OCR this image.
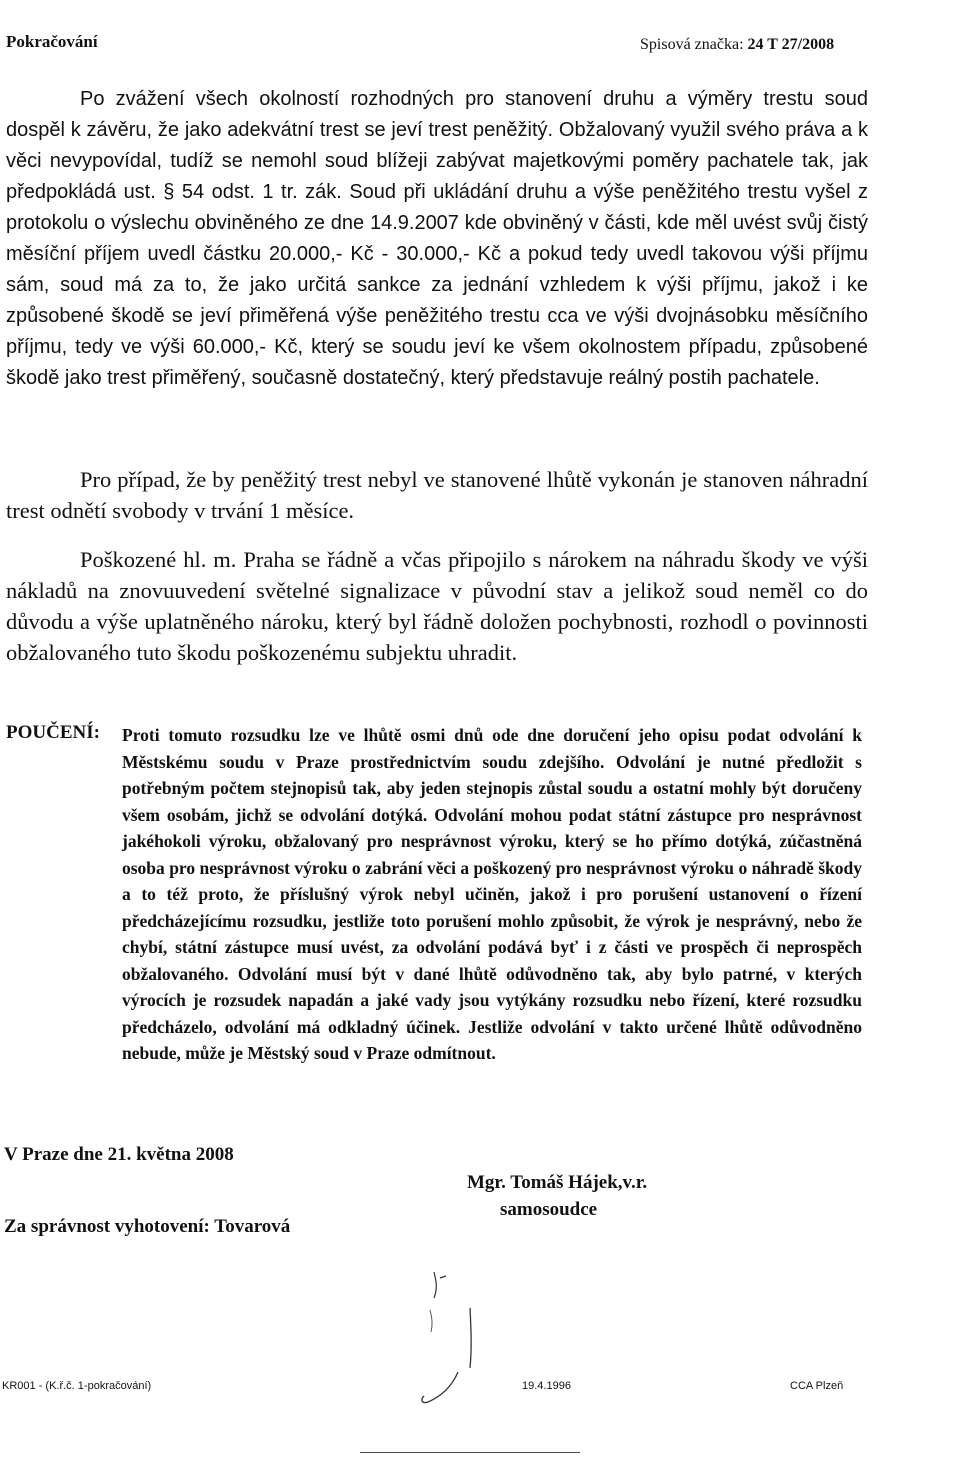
Pokračování	Spisová značka: 24 T 27/2008

Po zvážení všech okolností rozhodných pro stanovení druhu a výměry trestu soud dospěl k závěru, že jako adekvátní trest se jeví trest peněžitý. Obžalovaný využil svého práva a k věci nevypovídal, tudíž se nemohl soud blížeji zabývat majetkovými poměry pachatele tak, jak předpokládá ust. § 54 odst. 1 tr. zák. Soud při ukládání druhu a výše peněžitého trestu vyšel z protokolu o výslechu obviněného ze dne 14.9.2007 kde obviněný v části, kde měl uvést svůj čistý měsíční příjem uvedl částku 20.000,- Kč - 30.000,- Kč a pokud tedy uvedl takovou výši příjmu sám, soud má za to, že jako určitá sankce za jednání vzhledem k výši příjmu, jakož i ke způsobené škodě se jeví přiměřená výše peněžitého trestu cca ve výši dvojnásobku měsíčního příjmu, tedy ve výši 60.000,- Kč, který se soudu jeví ke všem okolnostem případu, způsobené škodě jako trest přiměřený, současně dostatečný, který představuje reálný postih pachatele.

Pro případ, že by peněžitý trest nebyl ve stanovené lhůtě vykonán je stanoven náhradní trest odnětí svobody v trvání 1 měsíce.

Poškozené hl. m. Praha se řádně a včas připojilo s nárokem na náhradu škody ve výši nákladů na znovuuvedení světelné signalizace v původní stav a jelikož soud neměl co do důvodu a výše uplatněného nároku, který byl řádně doložen pochybnosti, rozhodl o povinnosti obžalovaného tuto škodu poškozenému subjektu uhradit.

POUČENÍ: Proti tomuto rozsudku lze ve lhůtě osmi dnů ode dne doručení jeho opisu podat odvolání k Městskému soudu v Praze prostřednictvím soudu zdejšího. Odvolání je nutné předložit s potřebným počtem stejnopisů tak, aby jeden stejnopis zůstal soudu a ostatní mohly být doručeny všem osobám, jichž se odvolání dotýká. Odvolání mohou podat státní zástupce pro nesprávnost jakéhokoli výroku, obžalovaný pro nesprávnost výroku, který se ho přímo dotýká, zúčastněná osoba pro nesprávnost výroku o zabrání věci a poškozený pro nesprávnost výroku o náhradě škody a to též proto, že příslušný výrok nebyl učiněn, jakož i pro porušení ustanovení o řízení předcházejícímu rozsudku, jestliže toto porušení mohlo způsobit, že výrok je nesprávný, nebo že chybí, státní zástupce musí uvést, za odvolání podává byť i z části ve prospěch či neprospěch obžalovaného. Odvolání musí být v dané lhůtě odůvodněno tak, aby bylo patrné, v kterých výrocích je rozsudek napadán a jaké vady jsou vytýkány rozsudku nebo řízení, které rozsudku předcházelo, odvolání má odkladný účinek. Jestliže odvolání v takto určené lhůtě odůvodněno nebude, může je Městský soud v Praze odmítnout.
V Praze dne 21. května 2008
Mgr. Tomáš Hájek,v.r.
samosoudce
Za správnost vyhotovení: Tovarová
KR001 - (K.ř.č. 1-pokračování)	19.4.1996	CCA Plzeň
